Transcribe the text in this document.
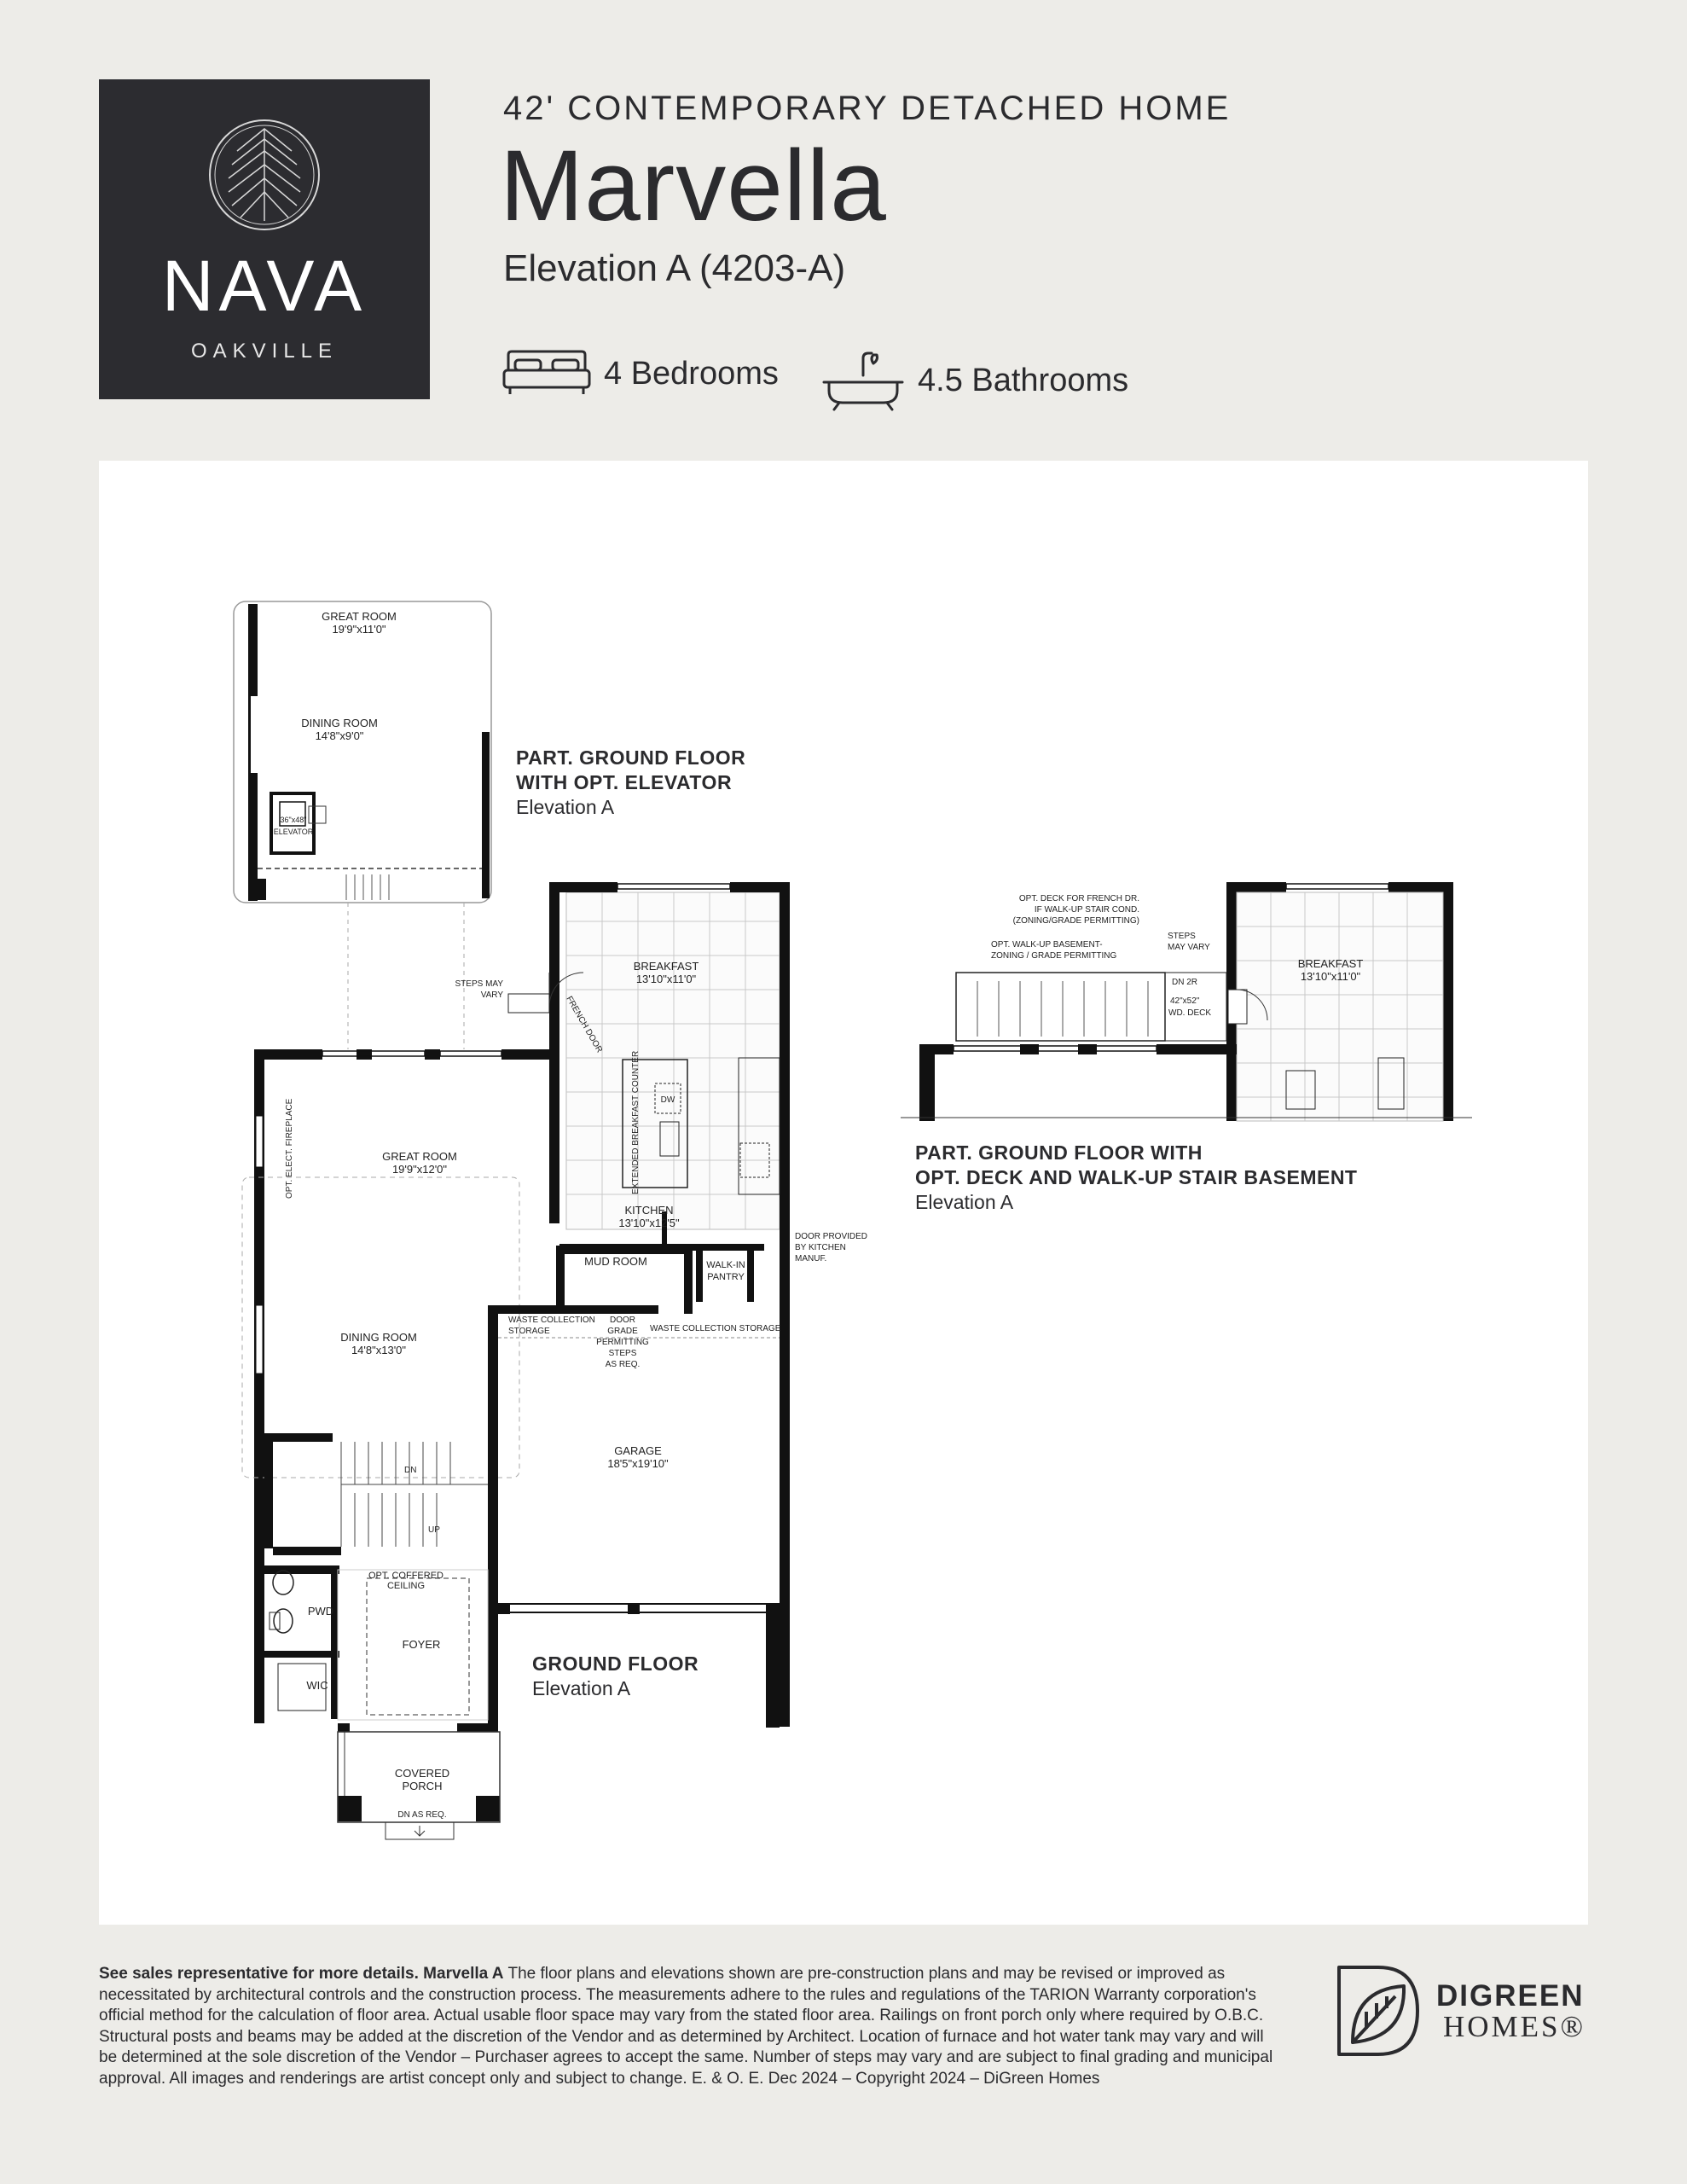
NAVA
OAKVILLE
42' CONTEMPORARY DETACHED HOME
Marvella
Elevation A (4203-A)
4 Bedrooms	4.5 Bathrooms
GREAT ROOM
19'9"x11'0"
DINING ROOM
14'8"x9'0"
36"x48"
ELEVATOR
BREAKFAST
13'10"x11'0"
GREAT ROOM
19'9"x12'0"
DINING ROOM
14'8"x13'0"
KITCHEN
13'10"x12'5"
MUD ROOM	WALK-IN
PANTRY
GARAGE
18'5"x19'10"
FOYER
OPT. COFFERED
CEILING
PWD
WIC
COVERED
PORCH
DN AS REQ.
STEPS MAY
VARY	FRENCH DOOR
OPT. ELECT. FIREPLACE	EXTENDED BREAKFAST COUNTER DW
DOOR PROVIDED
BY KITCHEN
MANUF.
WASTE COLLECTION
STORAGE	WASTE COLLECTION STORAGE
DOOR
GRADE
PERMITTING
STEPS
AS REQ.
DN
UP
OPT. DECK FOR FRENCH DR.
IF WALK-UP STAIR COND.
(ZONING/GRADE PERMITTING)
OPT. WALK-UP BASEMENT-
ZONING / GRADE PERMITTING
STEPS
MAY VARY
DN 2R
42"x52"
WD. DECK
BREAKFAST
13'10"x11'0"
PART. GROUND FLOOR
WITH OPT. ELEVATOR
Elevation A
PART. GROUND FLOOR WITH
OPT. DECK AND WALK-UP STAIR BASEMENT
Elevation A
GROUND FLOOR
Elevation A
See sales representative for more details. Marvella A The floor plans and elevations shown are pre-construction plans and may be revised or improved as necessitated by architectural controls and the construction process. The measurements adhere to the rules and regulations of the TARION Warranty corporation's official method for the calculation of floor area. Actual usable floor space may vary from the stated floor area. Railings on front porch only where required by O.B.C. Structural posts and beams may be added at the discretion of the Vendor and as determined by Architect. Location of furnace and hot water tank may vary and will be determined at the sole discretion of the Vendor – Purchaser agrees to accept the same. Number of steps may vary and are subject to final grading and municipal approval. All images and renderings are artist concept only and subject to change. E. & O. E. Dec 2024 – Copyright 2024 – DiGreen Homes
DIGREEN
HOMES®
